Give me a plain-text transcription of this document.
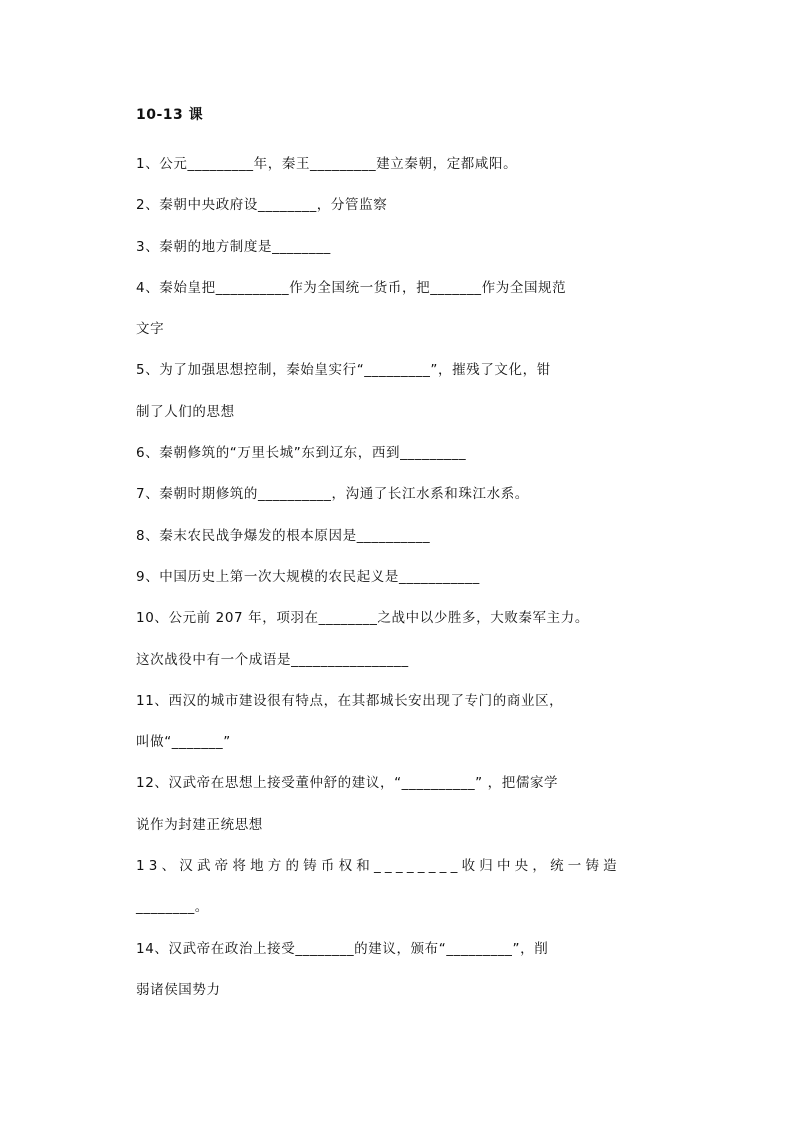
10-13 课
1、公元_________年，秦王_________建立秦朝，定都咸阳。
2、秦朝中央政府设________，分管监察
3、秦朝的地方制度是________
4、秦始皇把__________作为全国统一货币，把_______作为全国规范
文字
5、为了加强思想控制，秦始皇实行“_________”，摧残了文化，钳
制了人们的思想
6、秦朝修筑的“万里长城”东到辽东，西到_________
7、秦朝时期修筑的__________，沟通了长江水系和珠江水系。
8、秦末农民战争爆发的根本原因是__________
9、中国历史上第一次大规模的农民起义是___________
10、公元前 207 年，项羽在________之战中以少胜多，大败秦军主力。
这次战役中有一个成语是________________
11、西汉的城市建设很有特点，在其都城长安出现了专门的商业区，
叫做“_______”
12、汉武帝在思想上接受董仲舒的建议，“__________” ，把儒家学
说作为封建正统思想
13、汉武帝将地方的铸币权和________收归中央，统一铸造
________。
14、汉武帝在政治上接受________的建议，颁布“_________”，削
弱诸侯国势力
